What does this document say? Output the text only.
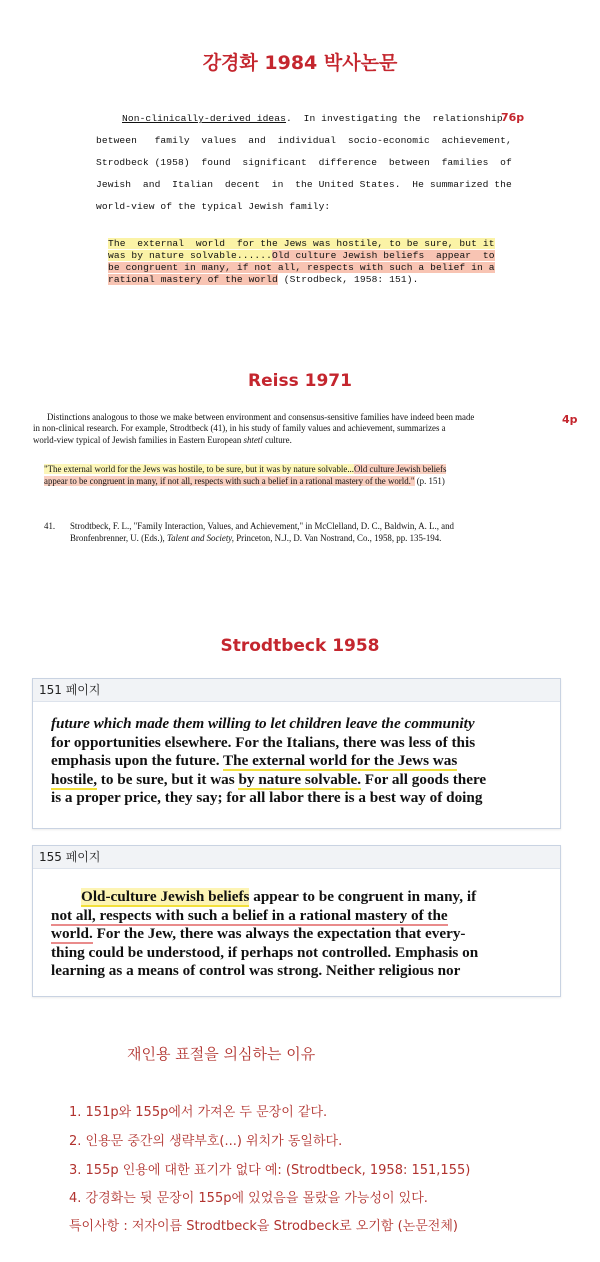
강경화 1984 박사논문
76p
Non-clinically-derived ideas.  In investigating the  relationship
between   family  values  and  individual  socio-economic  achievement,
Strodbeck (1958)  found  significant  difference  between  families  of
Jewish  and  Italian  decent  in  the United States.  He summarized the
world-view of the typical Jewish family:
The  external  world  for the Jews was hostile, to be sure, but it
was by nature solvable......Old culture Jewish beliefs  appear  to
be congruent in many, if not all, respects with such a belief in a
rational mastery of the world (Strodbeck, 1958: 151).
Reiss 1971
4p
Distinctions analogous to those we make between environment and consensus-sensitive families have indeed been made
in non-clinical research. For example, Strodtbeck (41), in his study of family values and achievement, summarizes a
world-view typical of Jewish families in Eastern European shtetl culture.
"The external world for the Jews was hostile, to be sure, but it was by nature solvable...Old culture Jewish beliefs
appear to be congruent in many, if not all, respects with such a belief in a rational mastery of the world." (p. 151)
41. Strodtbeck, F. L., "Family Interaction, Values, and Achievement," in McClelland, D. C., Baldwin, A. L., and
Bronfenbrenner, U. (Eds.), Talent and Society, Princeton, N.J., D. Van Nostrand, Co., 1958, pp. 135-194.
Strodtbeck 1958
151 페이지
future which made them willing to let children leave the community
for opportunities elsewhere. For the Italians, there was less of this
emphasis upon the future. The external world for the Jews was
hostile, to be sure, but it was by nature solvable. For all goods there
is a proper price, they say; for all labor there is a best way of doing
155 페이지
Old-culture Jewish beliefs appear to be congruent in many, if
not all, respects with such a belief in a rational mastery of the
world. For the Jew, there was always the expectation that every-
thing could be understood, if perhaps not controlled. Emphasis on
learning as a means of control was strong. Neither religious nor
재인용 표절을 의심하는 이유
1. 151p와 155p에서 가져온 두 문장이 같다.
2. 인용문 중간의 생략부호(...) 위치가 동일하다.
3. 155p 인용에 대한 표기가 없다 예: (Strodtbeck, 1958: 151,155)
4. 강경화는 뒷 문장이 155p에 있었음을 몰랐을 가능성이 있다.
특이사항 : 저자이름 Strodtbeck을 Strodbeck로 오기함 (논문전체)
